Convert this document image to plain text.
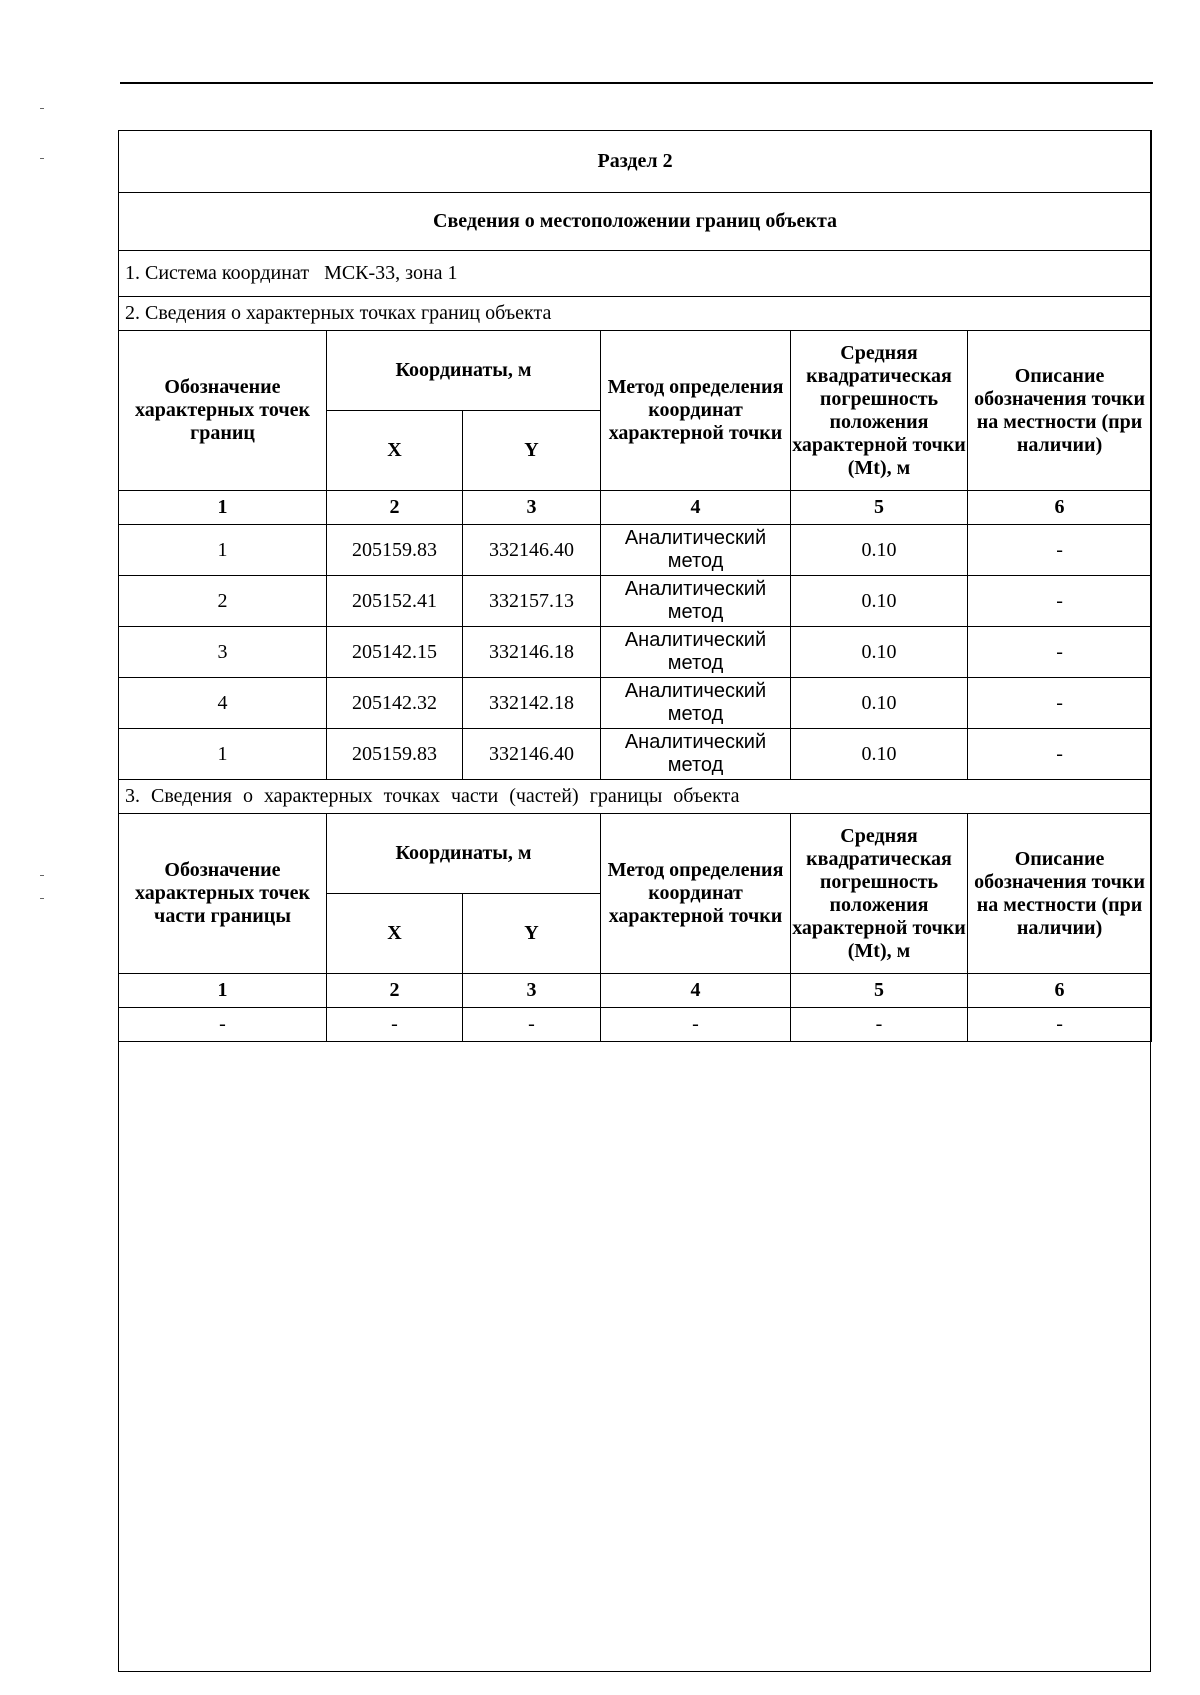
Раздел 2					
Сведения о местоположении границ объекта					
1. Система координат МСК-33, зона 1					
2. Сведения о характерных точках границ объекта					
Обозначение характерных точек границ	Координаты, м		Метод определения координат характерной точки	Средняя квадратическая погрешность положения характерной точки (Mt), м	Описание обозначения точки на местности (при наличии)
	X	Y			
1	2	3	4	5	6
1	205159.83	332146.40	Аналитический метод	0.10	-
2	205152.41	332157.13	Аналитический метод	0.10	-
3	205142.15	332146.18	Аналитический метод	0.10	-
4	205142.32	332142.18	Аналитический метод	0.10	-
1	205159.83	332146.40	Аналитический метод	0.10	-
3. Сведения о характерных точках части (частей) границы объекта					
Обозначение характерных точек части границы	Координаты, м		Метод определения координат характерной точки	Средняя квадратическая погрешность положения характерной точки (Mt), м	Описание обозначения точки на местности (при наличии)
	X	Y			
1	2	3	4	5	6
-	-	-	-	-	-
